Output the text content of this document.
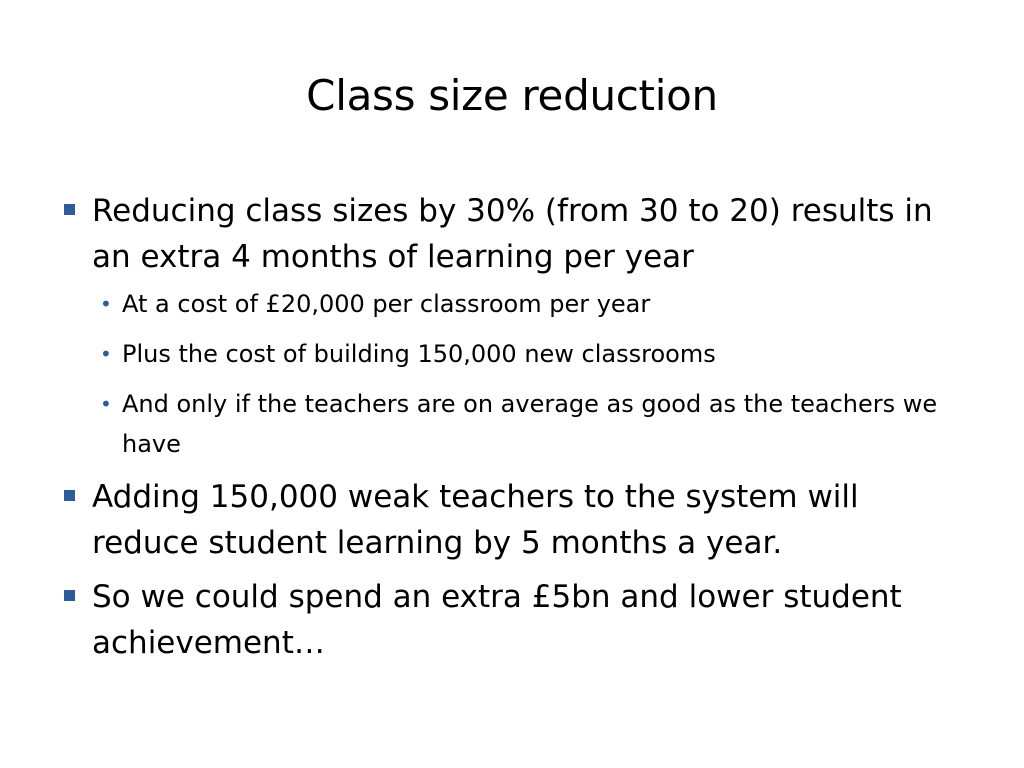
Class size reduction
Reducing class sizes by 30% (from 30 to 20) results in an extra 4 months of learning per year
• At a cost of £20,000 per classroom per year
• Plus the cost of building 150,000 new classrooms
• And only if the teachers are on average as good as the teachers we have
Adding 150,000 weak teachers to the system will reduce student learning by 5 months a year.
So we could spend an extra £5bn and lower student achievement…
